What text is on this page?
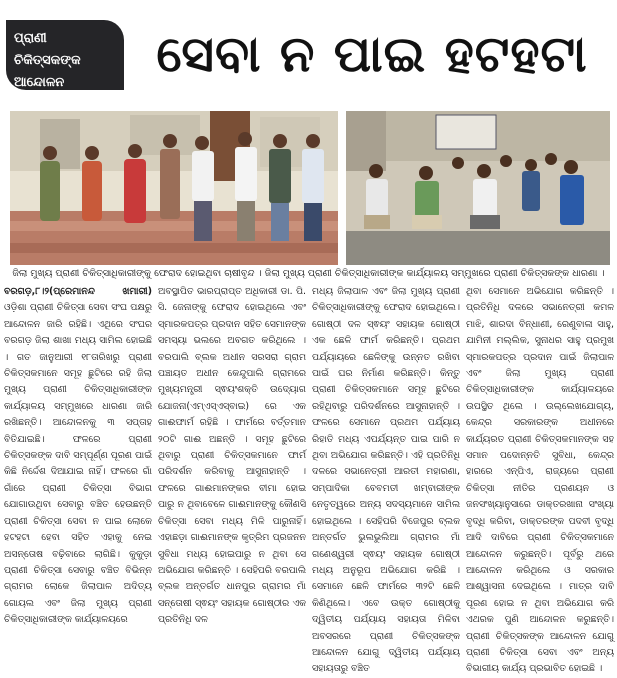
ପ୍ରାଣୀ ଚିକିତ୍ସକଙ୍କ
ଆନ୍ଦୋଳନ	ସେବା ନ ପାଇ ହଟହଟା
ଜିଲା ମୁଖ୍ୟ ପ୍ରାଣୀ ଚିକିତ୍ସାଧିକାରୀଙ୍କୁ ଫେରାଦ ହୋଇଥିବା ଚାଷୀବୃନ୍ଦ । ଜିଲା ମୁଖ୍ୟ ପ୍ରାଣୀ ଚିକିତ୍ସାଧିକାରୀଙ୍କ କାର୍ଯ୍ୟାଳୟ ସମ୍ମୁଖରେ ପ୍ରାଣୀ ଚିକିତ୍ସକଙ୍କ ଧାରଣା ।
ବରଗଡ଼,୮।୨(ପ୍ରେମାନନ୍ଦ ଖମାରୀ) ଓଡ଼ିଶା ପ୍ରାଣୀ ଚିକିତ୍ସା ସେବା ସଂଘ ପକ୍ଷରୁ ଆନ୍ଦୋଳନ ଜାରି ରହିଛି। ଏଥିରେ ସଂଘର ବରଗଡ଼ ଜିଲା ଶାଖା ମଧ୍ୟ ସାମିଲ ହୋଇଛି । ଗତ ଜାନୁଆରୀ ୧୮ତାରିଖରୁ ପ୍ରାଣୀ ଚିକିତ୍ସକମାନେ ସମୂହ ଛୁଟିରେ ରହି ଜିଲା ମୁଖ୍ୟ ପ୍ରାଣୀ ଚିକିତ୍ସାଧିକାରୀଙ୍କ କାର୍ଯ୍ୟାଳୟ ସମ୍ମୁଖରେ ଧାରଣା ଜାରି ରଖିଛନ୍ତି। ଆନ୍ଦୋଳନକୁ ୩ ସପ୍ତାହ ବିତିଯାଇଛି। ଫଳରେ ପ୍ରାଣୀ ଚିକିତ୍ସକଙ୍କ ଦାବି ସମ୍ପୂର୍ଣ୍ଣ ପୂରଣ ପାଇଁ କିଛି ନିର୍ଦ୍ଦେଶ ଦିଆଯାଇ ନାହିଁ। ଫଳରେ ଗାଁ ଗାଁରେ ପ୍ରାଣୀ ଚିକିତ୍ସା ବିଭାଗ ଯୋଗାଉଥିବା ସେବାରୁ ବଞ୍ଚିତ ହେଉଛନ୍ତି ପ୍ରାଣୀ ଚିକିତ୍ସା ସେବା ନ ପାଇ ଲୋକେ ହଟହଟା ହେବା ସହିତ ଏହାକୁ ନେଇ ଅସନ୍ତୋଷ ବଢ଼ିବାରେ ଲାଗିଛି। କୁକୁଡ଼ା ପ୍ରାଣୀ ଚିକିତ୍ସା ସେବାରୁ ବଞ୍ଚିତ ବିଭିନ୍ନ ଗ୍ରାମର ଲୋକେ ଜିଲାପାଳ ଅଦିତ୍ୟ ଗୋୟଲ ଏବଂ ଜିଲା ମୁଖ୍ୟ ପ୍ରାଣୀ ଚିକିତ୍ସାଧିକାରୀଙ୍କ କାର୍ଯ୍ୟାଳୟରେ
ଅବସ୍ଥାପିତ ଭାରପ୍ରାପ୍ତ ଅଧିକାରୀ ଡା. ପି. ସି. ଜେନାଙ୍କୁ ଫେରାଦ ହୋଇଥିଲେ ଏବଂ ସ୍ମାରକପତ୍ର ପ୍ରଦାନ ସହିତ ସେମାନଙ୍କ ସମସ୍ୟା ଭଲରେ ଅବଗତ କରିଥିଲେ । ବରପାଲି ବ୍ଲକ ଅଧୀନ ସରସରା ଗ୍ରାମ ପଞ୍ଚାୟତ ଅଧୀନ କେନ୍ଦୁପାଲି ଗ୍ରାମରେ ମୁଖ୍ୟମନ୍ତ୍ରୀ ସ୍ଵୟଂଶକ୍ତି ଉଦ୍ୟୋଗ ଯୋଜନା(ଏମ୍ଏସ୍‌ଏସ୍‌ବାଇ) ରେ ଏକ ଗାଈଫାର୍ମ ରହିଛି । ଫାର୍ମରେ ବର୍ତ୍ତମାନ ୨୦ଟି ଗାଈ ଅଛନ୍ତି । ସମୂହ ଛୁଟିରେ ଥିବାରୁ ପ୍ରାଣୀ ଚିକିତ୍ସକମାନେ ଫାର୍ମ ପରିଦର୍ଶନ କରିବାକୁ ଆସୁନାହାନ୍ତି । ଫଳରେ ଗାଈମାନଙ୍କର ବୀମା ହୋଇ ପାରୁ ନ ଥିବାବେଳେ ଗାଈମାନଙ୍କୁ କୌଣସି ଚିକିତ୍ସା ସେବା ମଧ୍ୟ ମିଳି ପାରୁନାହିଁ। ଏହାଛଡ଼ା ଗାଈମାନଙ୍କ କୃତ୍ରିମ ପ୍ରଜନନ ସୁବିଧା ମଧ୍ୟ ହୋଇପାରୁ ନ ଥିବା ସେ ଅଭିଯୋଗ କରିଛନ୍ତି । ସେହିପରି ବରପାଲି ବ୍ଲକ ଅନ୍ତର୍ଗତ ଧାନପୁର ଗ୍ରାମର ମାଁ ସନ୍ତୋଷୀ ସ୍ଵୟଂ ସହାୟକ ଗୋଷ୍ଠୀର ଏକ ପ୍ରତିନିଧି ଦଳ
ମଧ୍ୟ ଜିଲାପାଳ ଏବଂ ଜିଲା ମୁଖ୍ୟ ପ୍ରାଣୀ ଚିକିତ୍ସାଧିକାରୀଙ୍କୁ ଫେରାଦ ହୋଇଥିଲେ। ଗୋଷ୍ଠୀ ଦଳ ସ୍ଵୟଂ ସହାୟକ ଗୋଷ୍ଠୀ ଏକ ଛେଳି ଫାର୍ମ କରିଛନ୍ତି। ପ୍ରଥମ ପର୍ଯ୍ୟାୟରେ ଛେଳିଙ୍କୁ ଉନ୍ନତ ରଖିବା ପାଇଁ ଘର ନିର୍ମାଣ କରିଛନ୍ତି। କିନ୍ତୁ ପ୍ରାଣୀ ଚିକିତ୍ସକମାନେ ସମୂହ ଛୁଟିରେ ରହିଥିବାରୁ ପରିଦର୍ଶନରେ ଆସୁନାହାନ୍ତି । ଫଳରେ ସେମାନେ ପ୍ରଥମ ପର୍ଯ୍ୟାୟ ରିହାତି ମଧ୍ୟ ଏପର୍ଯ୍ୟନ୍ତ ପାଇ ପାରି ନ ଥିବା ଅଭିଯୋଗ କରିଛନ୍ତି। ଏହି ପ୍ରତିନିଧି ଦଳରେ ସଭାନେତ୍ରୀ ଆରତୀ ମହାରଣା, ସମ୍ପାଦିକା ବେବମତୀ ଖମ୍ବାରୀଙ୍କ ନେତୃତ୍ୱରେ ଅନ୍ୟ ସଦସ୍ୟମାନେ ସାମିଲ ହୋଇଥିଲେ । ସେହିପରି ବିଜେପୁର ବ୍ଲକ ଅନ୍ତର୍ଗତ ଭୁଲଭୁଲିଆ ଗ୍ରାମର ମାଁ ଗଣେଶ୍ୱରୀ ସ୍ଵୟଂ ସହାୟକ ଗୋଷ୍ଠୀ ମଧ୍ୟ ଅନୁରୂପ ଅଭିଯୋଗ କରିଛି । ସେମାନେ ଛେଳି ଫାର୍ମରେ ୩୨ଟି ଛେଳି କିଣିଥିଲେ। ଏବେ ଉକ୍ତ ଗୋଷ୍ଠୀକୁ ଦ୍ୱିତୀୟ ପର୍ଯ୍ୟାୟ ସହାୟତା ମିଳିବା ଅବସରରେ ପ୍ରାଣୀ ଚିକିତ୍ସକଙ୍କ ଆନ୍ଦୋଳନ ଯୋଗୁ ଦ୍ୱିତୀୟ ପର୍ଯ୍ୟାୟ ସହାୟତାରୁ ବଞ୍ଚିତ
ଥିବା ସେମାନେ ଅଭିଯୋଗ କରିଛନ୍ତି । ପ୍ରତିନିଧି ଦଳରେ ସଭାନେତ୍ରୀ କମଳ ମାଝି, ଶାରଦା ବିନ୍ଧାଣୀ, ରେଣୁବାଳା ସାହୁ, ଯାମିନୀ ମଲ୍ଲିକ, ସୁନାଧର ସାହୁ ପ୍ରମୁଖ ସ୍ମାରକପତ୍ର ପ୍ରଦାନ ପାଇଁ ଜିଲାପାଳ ଏବଂ ଜିଲା ମୁଖ୍ୟ ପ୍ରାଣୀ ଚିକିତ୍ସାଧିକାରୀଙ୍କ କାର୍ଯ୍ୟାଳୟରେ ଉପସ୍ଥିତ ଥିଲେ । ଉଲ୍ଲେଖଯୋଗ୍ୟ, କେନ୍ଦ୍ର ସରକାରଙ୍କ ଅଧୀନରେ କାର୍ଯ୍ୟରତ ପ୍ରାଣୀ ଚିକିତ୍ସକମାନଙ୍କ ସହ ସମାନ ପଦୋନ୍ନତି ସୁବିଧା, କେନ୍ଦ୍ର ହାରରେ ଏନ୍‌ପିଏ, ରାଜ୍ୟରେ ପ୍ରାଣୀ ଚିକିତ୍ସା ନୀତିର ପ୍ରଣୟନ ଓ ଜନସଂଖ୍ୟାନୁସାରେ ଡାକ୍ତରଖାନା ସଂଖ୍ୟା ବୃଦ୍ଧି କରିବା, ଡାକ୍ତରଙ୍କ ପଦବୀ ବୃଦ୍ଧି ଆଦି ଦାବିରେ ପ୍ରାଣୀ ଚିକିତ୍ସକମାନେ ଆନ୍ଦୋଳନ କରୁଛନ୍ତି। ପୂର୍ବରୁ ଥରେ ଆନ୍ଦୋଳନ କରିଥିଲେ ଓ ସରକାର ଆଶ୍ୱାସନା ଦେଇଥିଲେ । ମାତ୍ର ଦାବି ପୂରଣ ହୋଇ ନ ଥିବା ଅଭିଯୋଗ କରି ଏଥରକ ପୁଣି ଆନ୍ଦୋଳନ କରୁଛନ୍ତି। ପ୍ରାଣୀ ଚିକିତ୍ସକଙ୍କ ଆନ୍ଦୋଳନ ଯୋଗୁ ପ୍ରାଣୀ ଚିକିତ୍ସା ସେବା ଏବଂ ଅନ୍ୟ ବିଭାଗୀୟ କାର୍ଯ୍ୟ ପ୍ରଭାବିତ ହୋଇଛି ।
